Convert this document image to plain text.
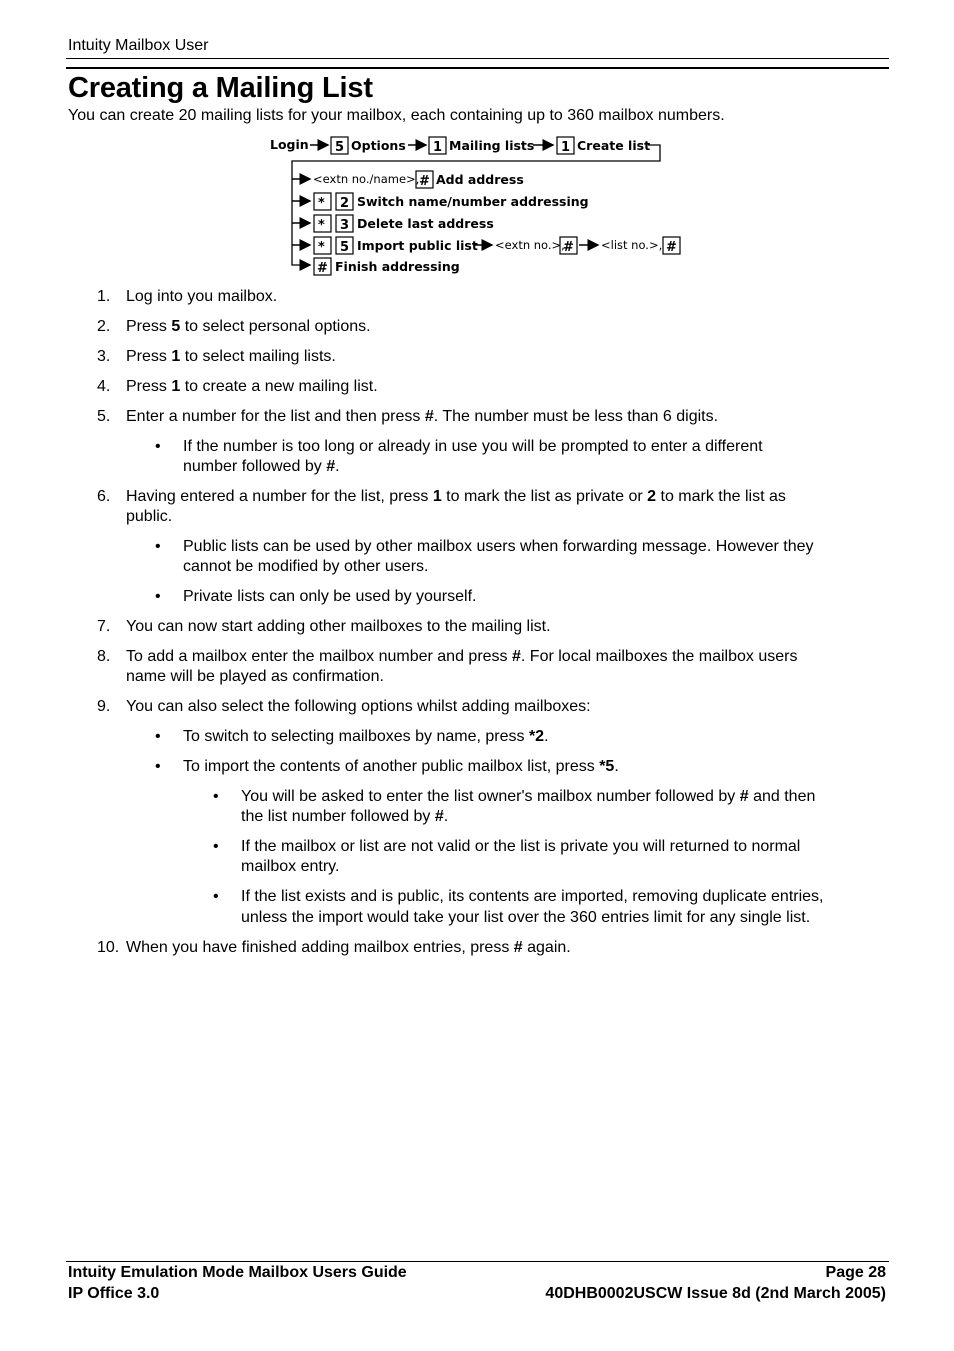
Intuity Mailbox User
Creating a Mailing List
You can create 20 mailing lists for your mailbox, each containing up to 360 mailbox numbers.
Login 5 Options 1 Mailing lists 1 Create list
<extn no./name>, # Add address
* 2 Switch name/number addressing
* 3 Delete last address
* 5 Import public list <extn no.>,
# <list no.>, #
# Finish addressing
1. Log into you mailbox.
2. Press 5 to select personal options.
3. Press 1 to select mailing lists.
4. Press 1 to create a new mailing list.
5. Enter a number for the list and then press #. The number must be less than 6 digits.
• If the number is too long or already in use you will be prompted to enter a different
number followed by #.
6. Having entered a number for the list, press 1 to mark the list as private or 2 to mark the list as
public.
• Public lists can be used by other mailbox users when forwarding message. However they
cannot be modified by other users.
• Private lists can only be used by yourself.
7. You can now start adding other mailboxes to the mailing list.
8. To add a mailbox enter the mailbox number and press #. For local mailboxes the mailbox users
name will be played as confirmation.
9. You can also select the following options whilst adding mailboxes:
• To switch to selecting mailboxes by name, press *2.
• To import the contents of another public mailbox list, press *5.
• You will be asked to enter the list owner's mailbox number followed by # and then
the list number followed by #.
• If the mailbox or list are not valid or the list is private you will returned to normal
mailbox entry.
• If the list exists and is public, its contents are imported, removing duplicate entries,
unless the import would take your list over the 360 entries limit for any single list.
10. When you have finished adding mailbox entries, press # again.
Intuity Emulation Mode Mailbox Users Guide
IP Office 3.0
Page 28
40DHB0002USCW Issue 8d (2nd March 2005)
